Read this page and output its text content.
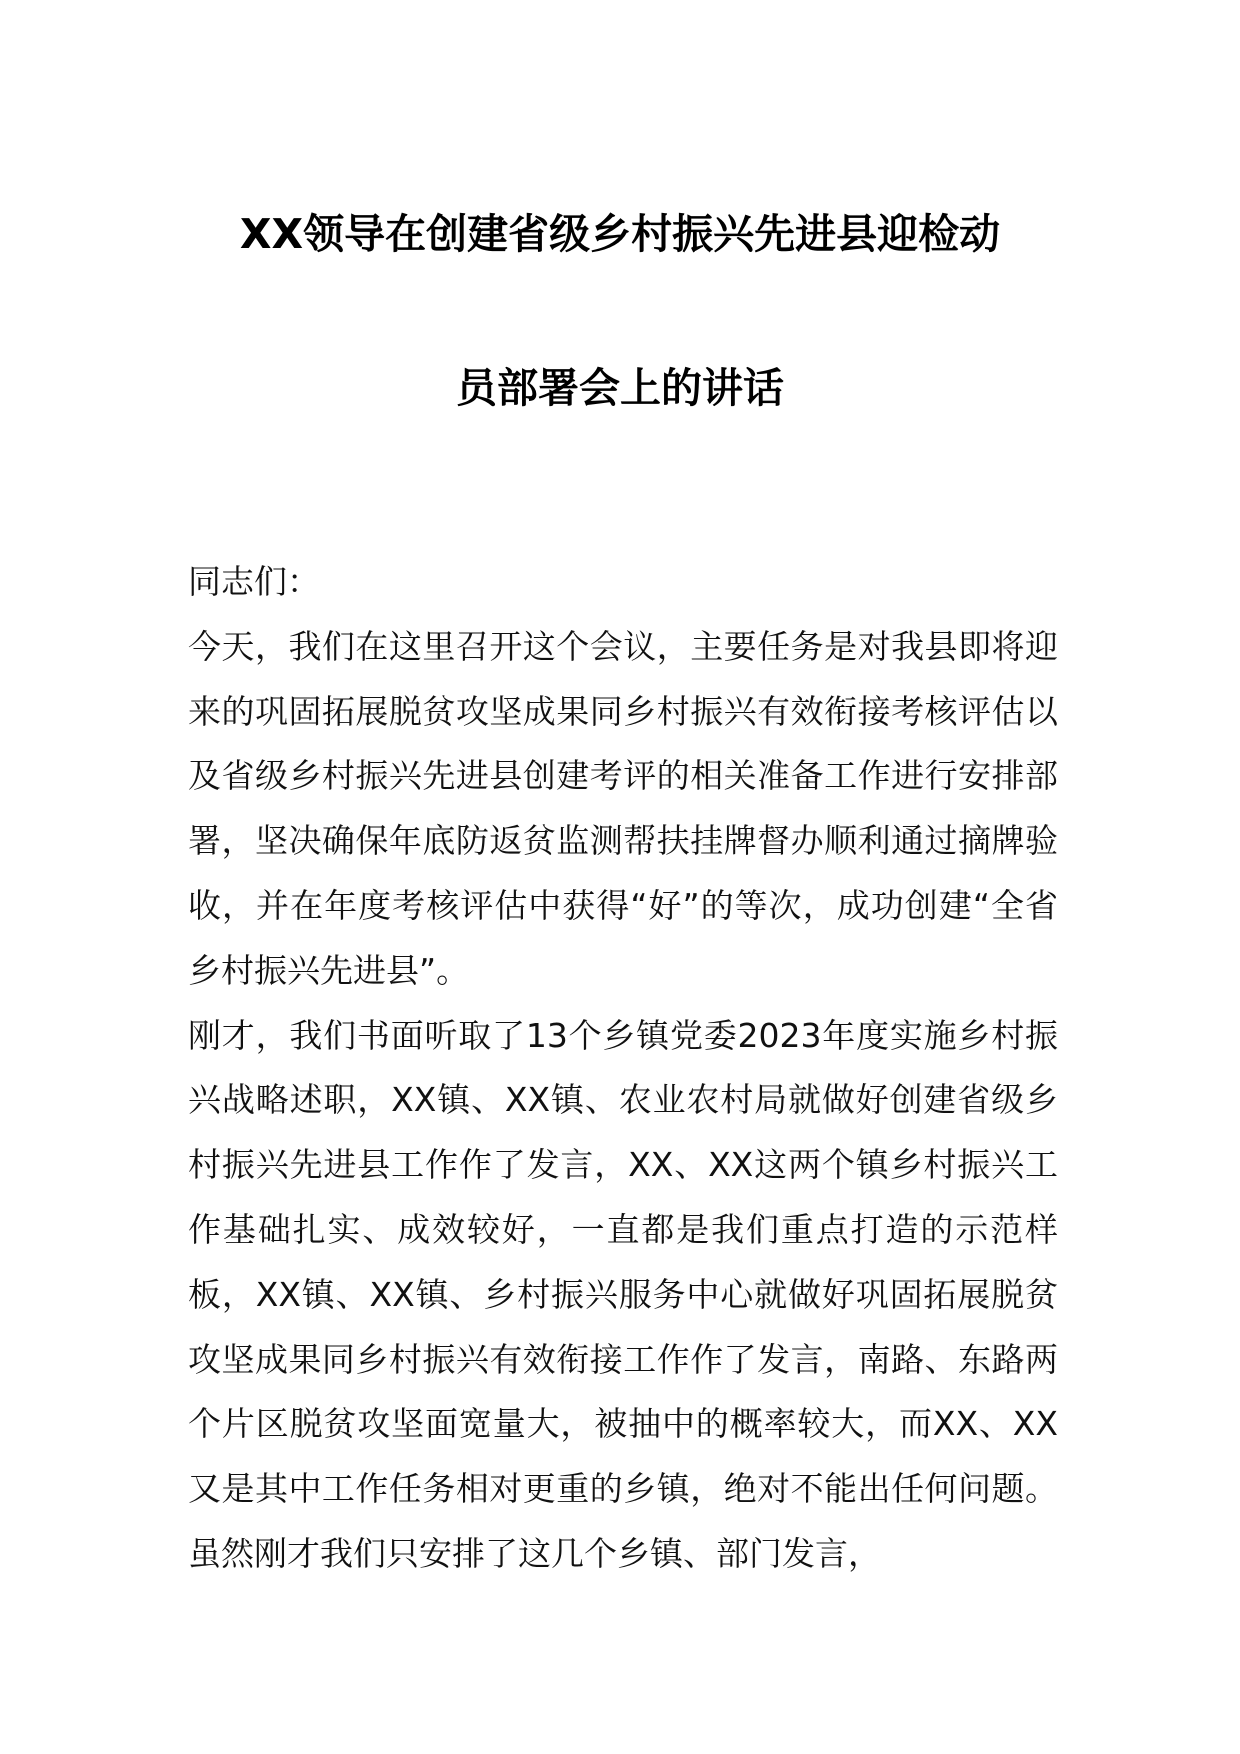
XX领导在创建省级乡村振兴先进县迎检动
员部署会上的讲话

同志们：

今天，我们在这里召开这个会议，主要任务是对我县即将迎来的巩固拓展脱贫攻坚成果同乡村振兴有效衔接考核评估以及省级乡村振兴先进县创建考评的相关准备工作进行安排部署，坚决确保年底防返贫监测帮扶挂牌督办顺利通过摘牌验收，并在年度考核评估中获得“好”的等次，成功创建“全省乡村振兴先进县”。

刚才，我们书面听取了13个乡镇党委2023年度实施乡村振兴战略述职，XX镇、XX镇、农业农村局就做好创建省级乡村振兴先进县工作作了发言，XX、XX这两个镇乡村振兴工作基础扎实、成效较好，一直都是我们重点打造的示范样板，XX镇、XX镇、乡村振兴服务中心就做好巩固拓展脱贫攻坚成果同乡村振兴有效衔接工作作了发言，南路、东路两个片区脱贫攻坚面宽量大，被抽中的概率较大，而XX、XX又是其中工作任务相对更重的乡镇，绝对不能出任何问题。虽然刚才我们只安排了这几个乡镇、部门发言，
